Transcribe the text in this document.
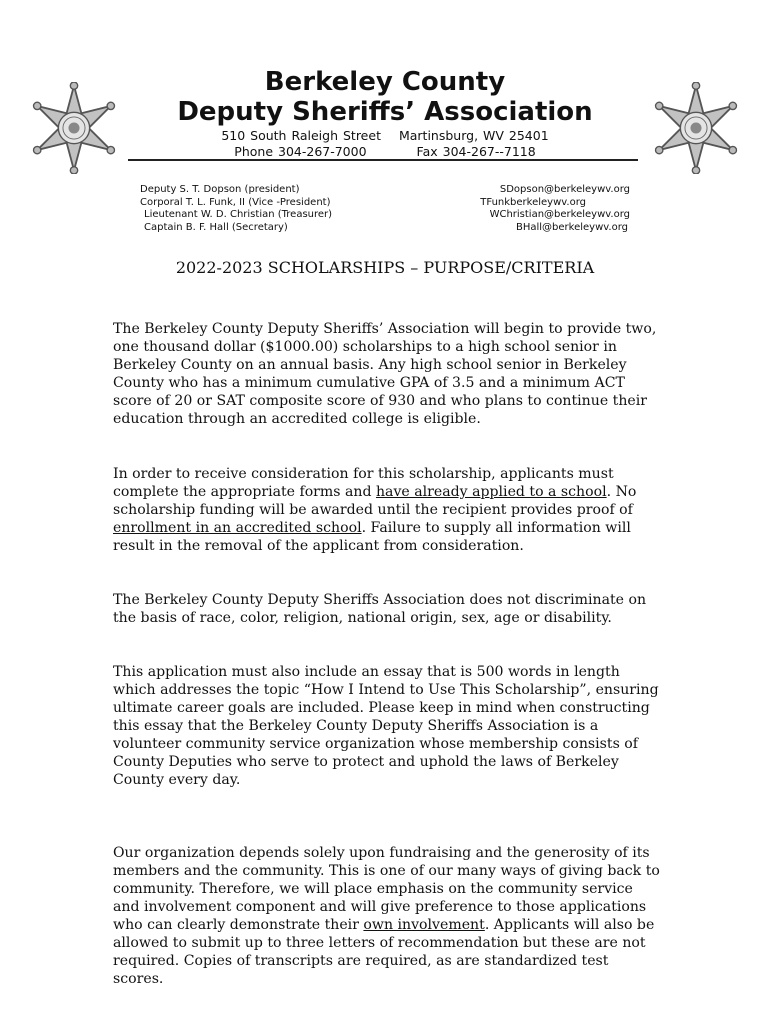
Berkeley County
Deputy Sheriffs’ Association
510 South Raleigh Street Martinsburg, WV 25401
Phone 304-267-7000	Fax 304-267--7118
Deputy S. T. Dopson (president)	SDopson@berkeleywv.org
Corporal T. L. Funk, II (Vice -President)	TFunkberkeleywv.org
Lieutenant W. D. Christian (Treasurer)	WChristian@berkeleywv.org
Captain B. F. Hall (Secretary)	BHall@berkeleywv.org
2022-2023 SCHOLARSHIPS – PURPOSE/CRITERIA

The Berkeley County Deputy Sheriffs’ Association will begin to provide two, one thousand dollar ($1000.00) scholarships to a high school senior in Berkeley County on an annual basis. Any high school senior in Berkeley County who has a minimum cumulative GPA of 3.5 and a minimum ACT score of 20 or SAT composite score of 930 and who plans to continue their education through an accredited college is eligible.

In order to receive consideration for this scholarship, applicants must complete the appropriate forms and have already applied to a school. No scholarship funding will be awarded until the recipient provides proof of enrollment in an accredited school. Failure to supply all information will result in the removal of the applicant from consideration.

The Berkeley County Deputy Sheriffs Association does not discriminate on the basis of race, color, religion, national origin, sex, age or disability.

This application must also include an essay that is 500 words in length which addresses the topic “How I Intend to Use This Scholarship”, ensuring ultimate career goals are included. Please keep in mind when constructing this essay that the Berkeley County Deputy Sheriffs Association is a volunteer community service organization whose membership consists of County Deputies who serve to protect and uphold the laws of Berkeley County every day.

Our organization depends solely upon fundraising and the generosity of its members and the community. This is one of our many ways of giving back to community. Therefore, we will place emphasis on the community service and involvement component and will give preference to those applications who can clearly demonstrate their own involvement. Applicants will also be allowed to submit up to three letters of recommendation but these are not required. Copies of transcripts are required, as are standardized test scores.
